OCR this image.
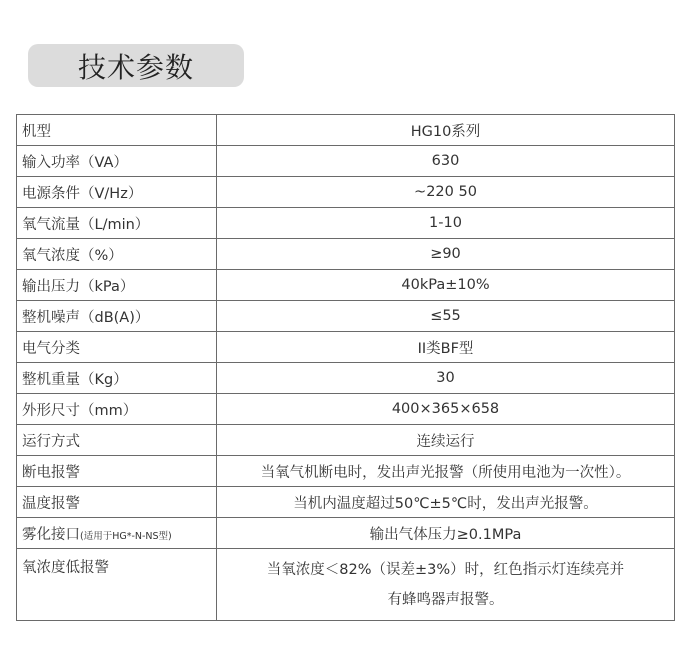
技术参数
机型	HG10系列
输入功率（VA）	630
电源条件（V/Hz）	~220 50
氧气流量（L/min）	1-10
氧气浓度（%）	≥90
输出压力（kPa）	40kPa±10%
整机噪声（dB(A)）	≤55
电气分类	II类BF型
整机重量（Kg）	30
外形尺寸（mm）	400×365×658
运行方式	连续运行
断电报警	当氧气机断电时，发出声光报警（所使用电池为一次性）。
温度报警	当机内温度超过50℃±5℃时，发出声光报警。
雾化接口(适用于HG*-N-NS型)	输出气体压力≥0.1MPa
氧浓度低报警	当氧浓度＜82%（误差±3%）时，红色指示灯连续亮并
有蜂鸣器声报警。
